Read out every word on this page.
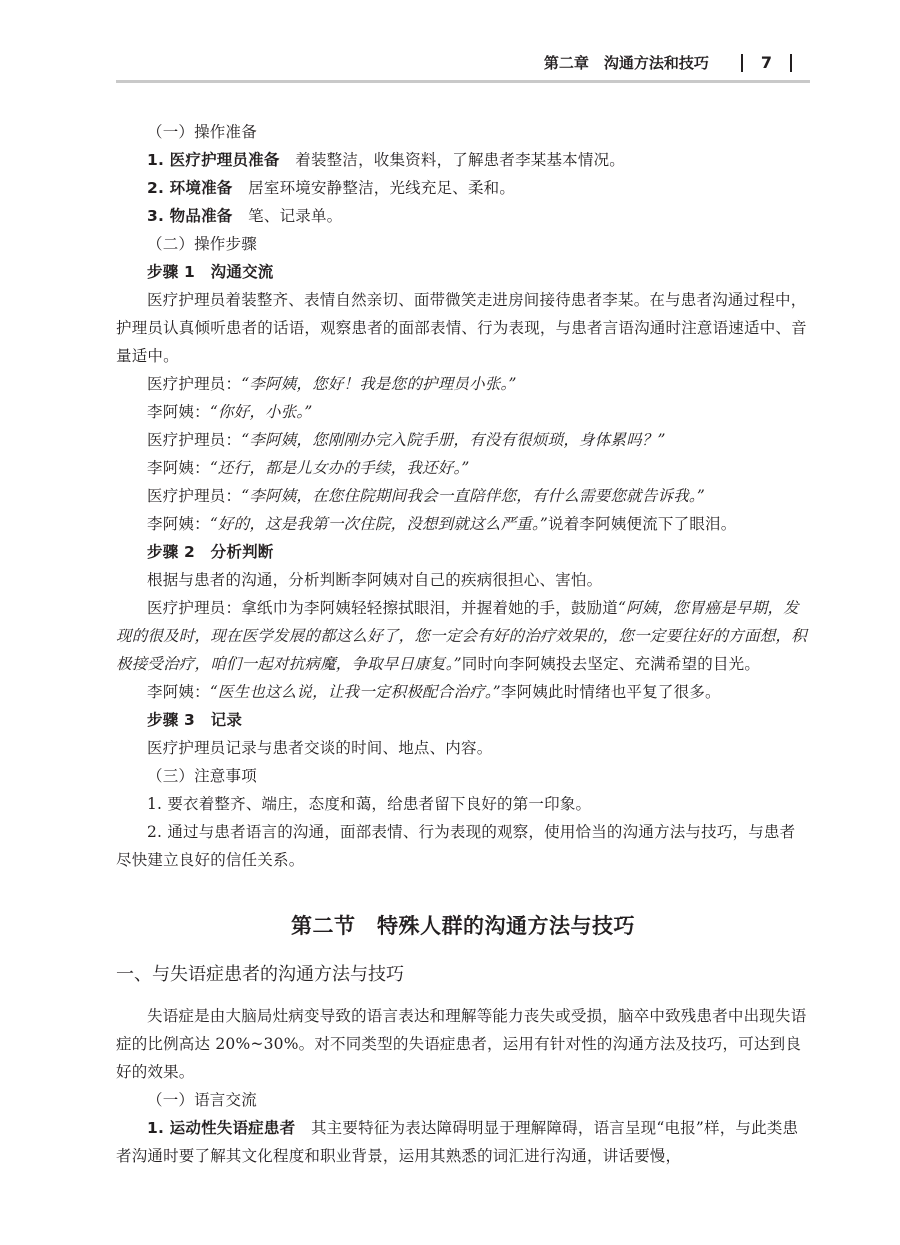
第二章　沟通方法和技巧	7

（一）操作准备

1. 医疗护理员准备　着装整洁，收集资料，了解患者李某基本情况。

2. 环境准备　居室环境安静整洁，光线充足、柔和。

3. 物品准备　笔、记录单。

（二）操作步骤

步骤 1　沟通交流

医疗护理员着装整齐、表情自然亲切、面带微笑走进房间接待患者李某。在与患者沟通过程中，护理员认真倾听患者的话语，观察患者的面部表情、行为表现，与患者言语沟通时注意语速适中、音量适中。

医疗护理员：“李阿姨，您好！我是您的护理员小张。”

李阿姨：“你好，小张。”

医疗护理员：“李阿姨，您刚刚办完入院手册，有没有很烦琐，身体累吗？”

李阿姨：“还行，都是儿女办的手续，我还好。”

医疗护理员：“李阿姨，在您住院期间我会一直陪伴您，有什么需要您就告诉我。”

李阿姨：“好的，这是我第一次住院，没想到就这么严重。”说着李阿姨便流下了眼泪。

步骤 2　分析判断

根据与患者的沟通，分析判断李阿姨对自己的疾病很担心、害怕。

医疗护理员：拿纸巾为李阿姨轻轻擦拭眼泪，并握着她的手，鼓励道“阿姨，您胃癌是早期，发现的很及时，现在医学发展的都这么好了，您一定会有好的治疗效果的，您一定要往好的方面想，积极接受治疗，咱们一起对抗病魔，争取早日康复。”同时向李阿姨投去坚定、充满希望的目光。

李阿姨：“医生也这么说，让我一定积极配合治疗。”李阿姨此时情绪也平复了很多。

步骤 3　记录

医疗护理员记录与患者交谈的时间、地点、内容。

（三）注意事项

1. 要衣着整齐、端庄，态度和蔼，给患者留下良好的第一印象。

2. 通过与患者语言的沟通，面部表情、行为表现的观察，使用恰当的沟通方法与技巧，与患者尽快建立良好的信任关系。

第二节　特殊人群的沟通方法与技巧
一、与失语症患者的沟通方法与技巧

失语症是由大脑局灶病变导致的语言表达和理解等能力丧失或受损，脑卒中致残患者中出现失语症的比例高达 20%~30%。对不同类型的失语症患者，运用有针对性的沟通方法及技巧，可达到良好的效果。

（一）语言交流

1. 运动性失语症患者　其主要特征为表达障碍明显于理解障碍，语言呈现“电报”样，与此类患者沟通时要了解其文化程度和职业背景，运用其熟悉的词汇进行沟通，讲话要慢，
